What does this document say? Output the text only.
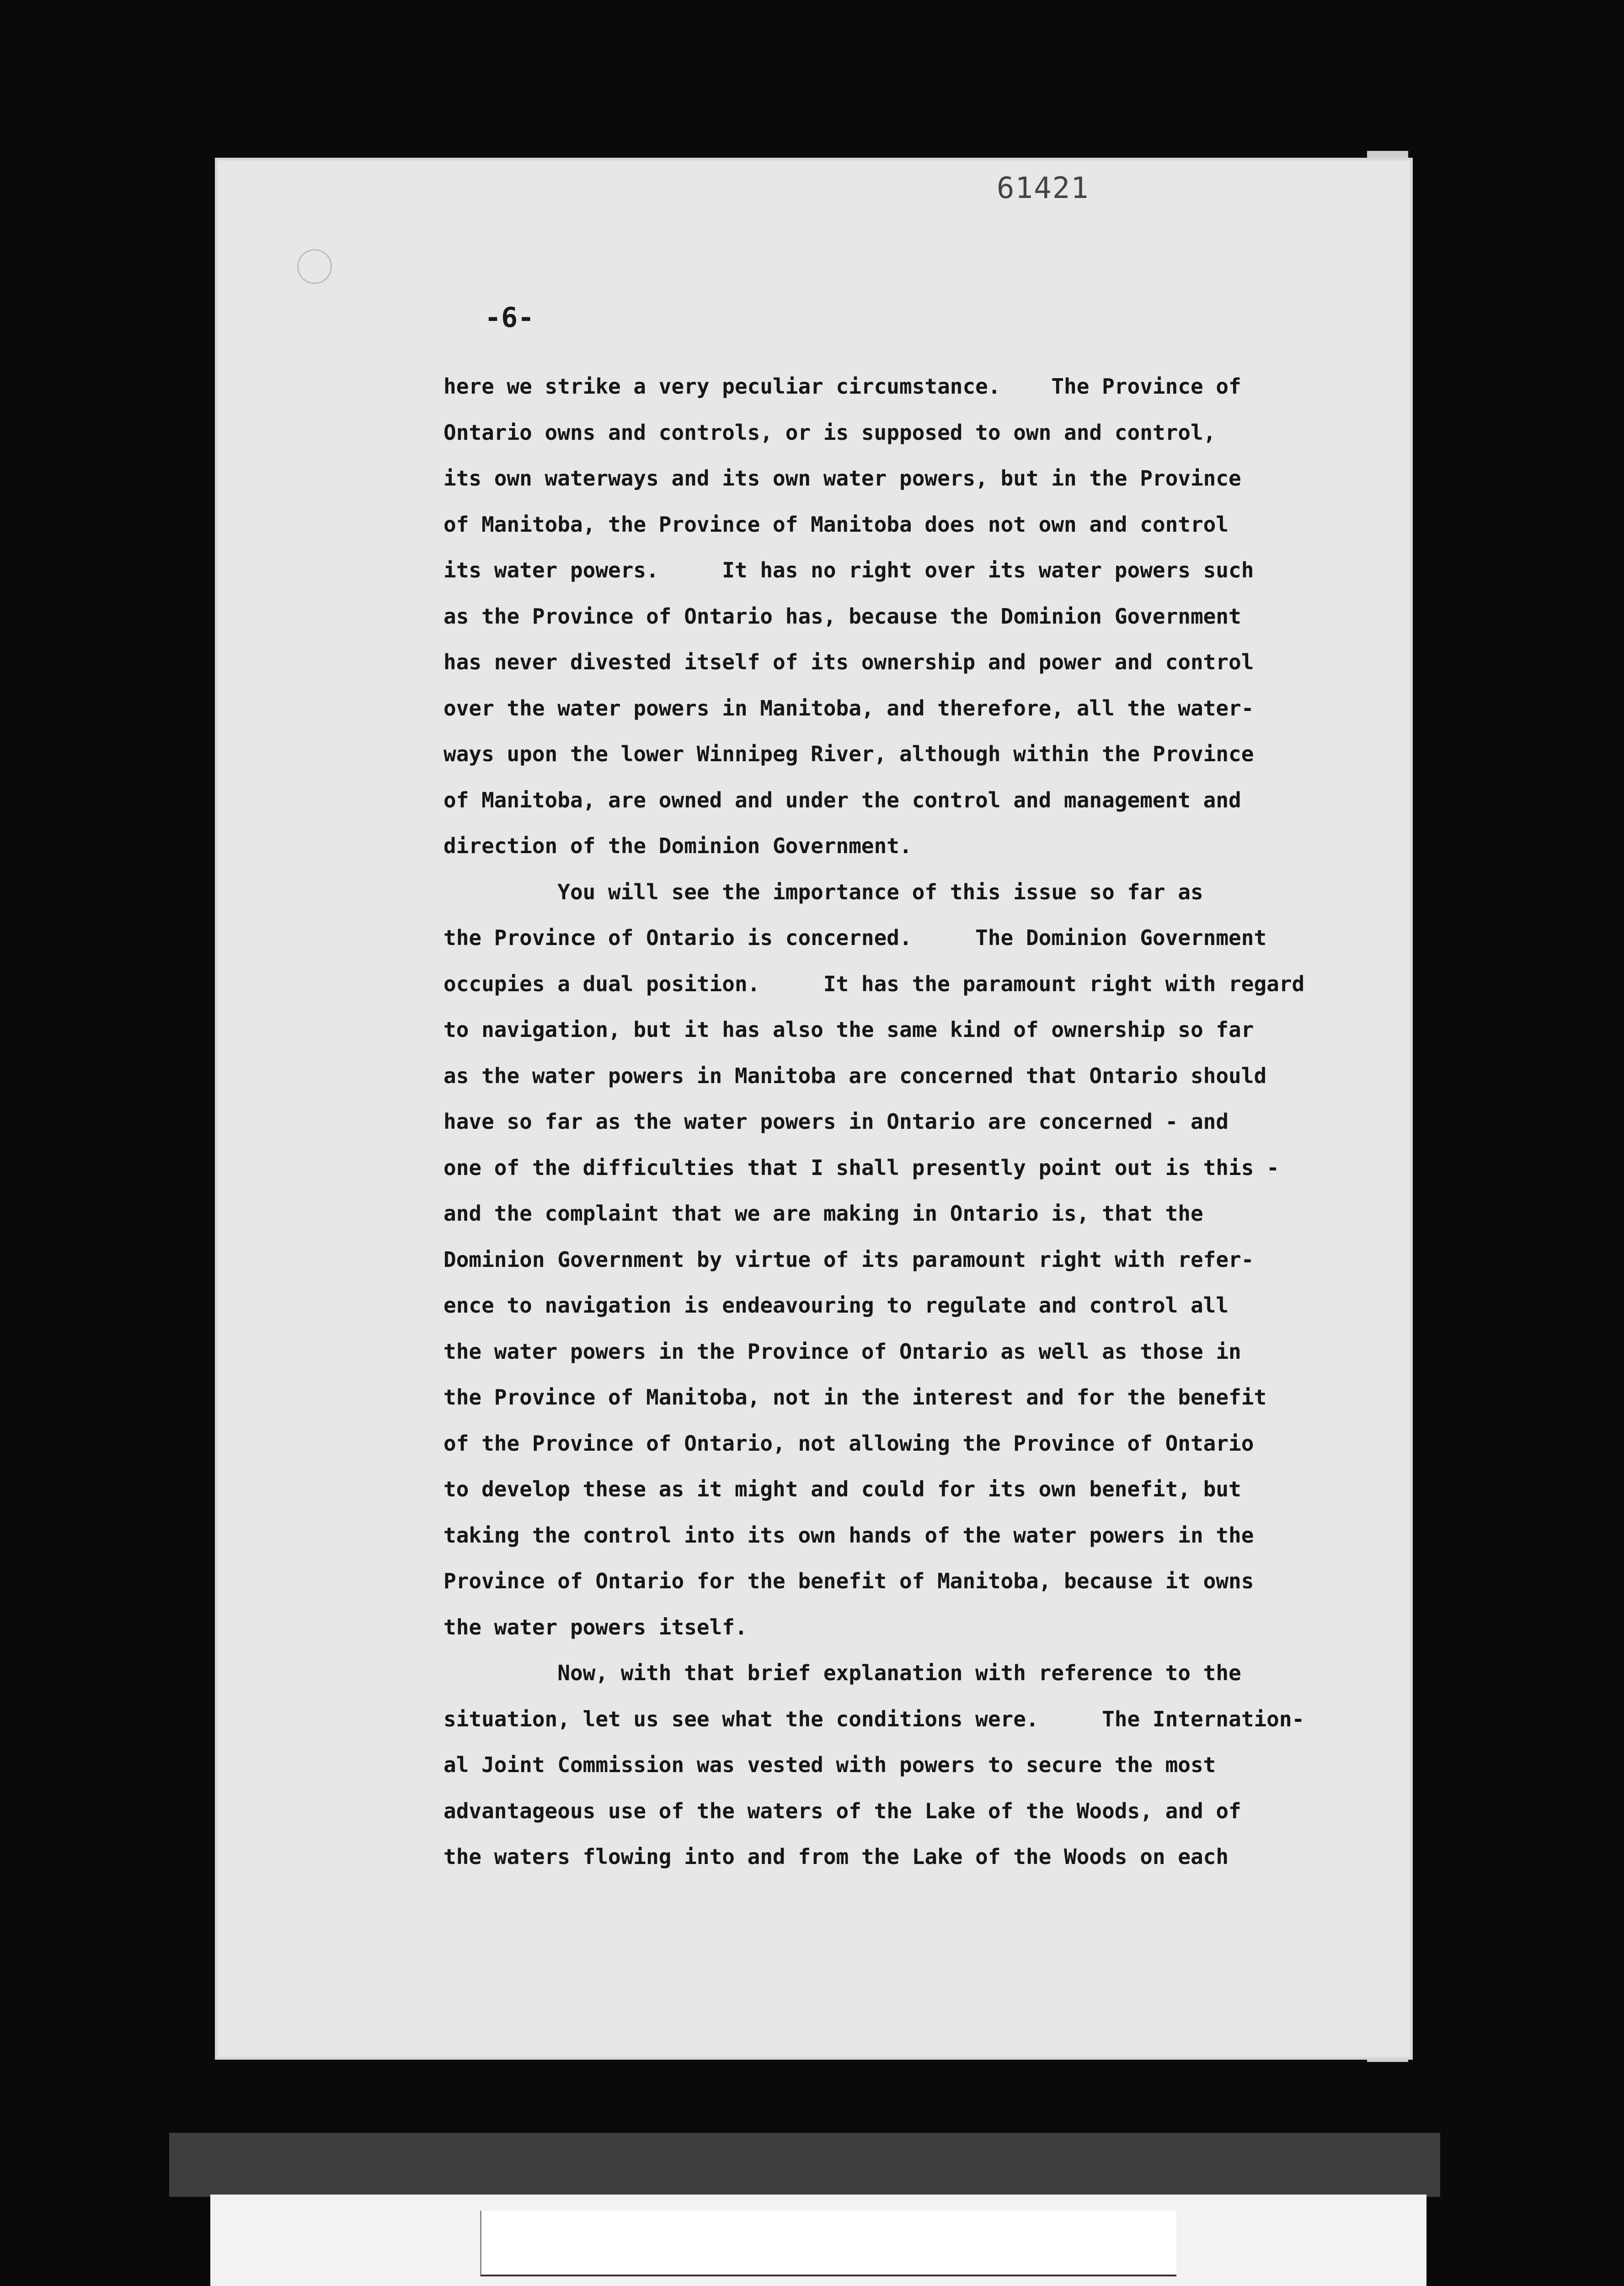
61421
-6-
here we strike a very peculiar circumstance.    The Province of
Ontario owns and controls, or is supposed to own and control,
its own waterways and its own water powers, but in the Province
of Manitoba, the Province of Manitoba does not own and control
its water powers.     It has no right over its water powers such
as the Province of Ontario has, because the Dominion Government
has never divested itself of its ownership and power and control
over the water powers in Manitoba, and therefore, all the water-
ways upon the lower Winnipeg River, although within the Province
of Manitoba, are owned and under the control and management and
direction of the Dominion Government.
You will see the importance of this issue so far as
the Province of Ontario is concerned.     The Dominion Government
occupies a dual position.     It has the paramount right with regard
to navigation, but it has also the same kind of ownership so far
as the water powers in Manitoba are concerned that Ontario should
have so far as the water powers in Ontario are concerned - and
one of the difficulties that I shall presently point out is this -
and the complaint that we are making in Ontario is, that the
Dominion Government by virtue of its paramount right with refer-
ence to navigation is endeavouring to regulate and control all
the water powers in the Province of Ontario as well as those in
the Province of Manitoba, not in the interest and for the benefit
of the Province of Ontario, not allowing the Province of Ontario
to develop these as it might and could for its own benefit, but
taking the control into its own hands of the water powers in the
Province of Ontario for the benefit of Manitoba, because it owns
the water powers itself.
Now, with that brief explanation with reference to the
situation, let us see what the conditions were.     The Internation-
al Joint Commission was vested with powers to secure the most
advantageous use of the waters of the Lake of the Woods, and of
the waters flowing into and from the Lake of the Woods on each
